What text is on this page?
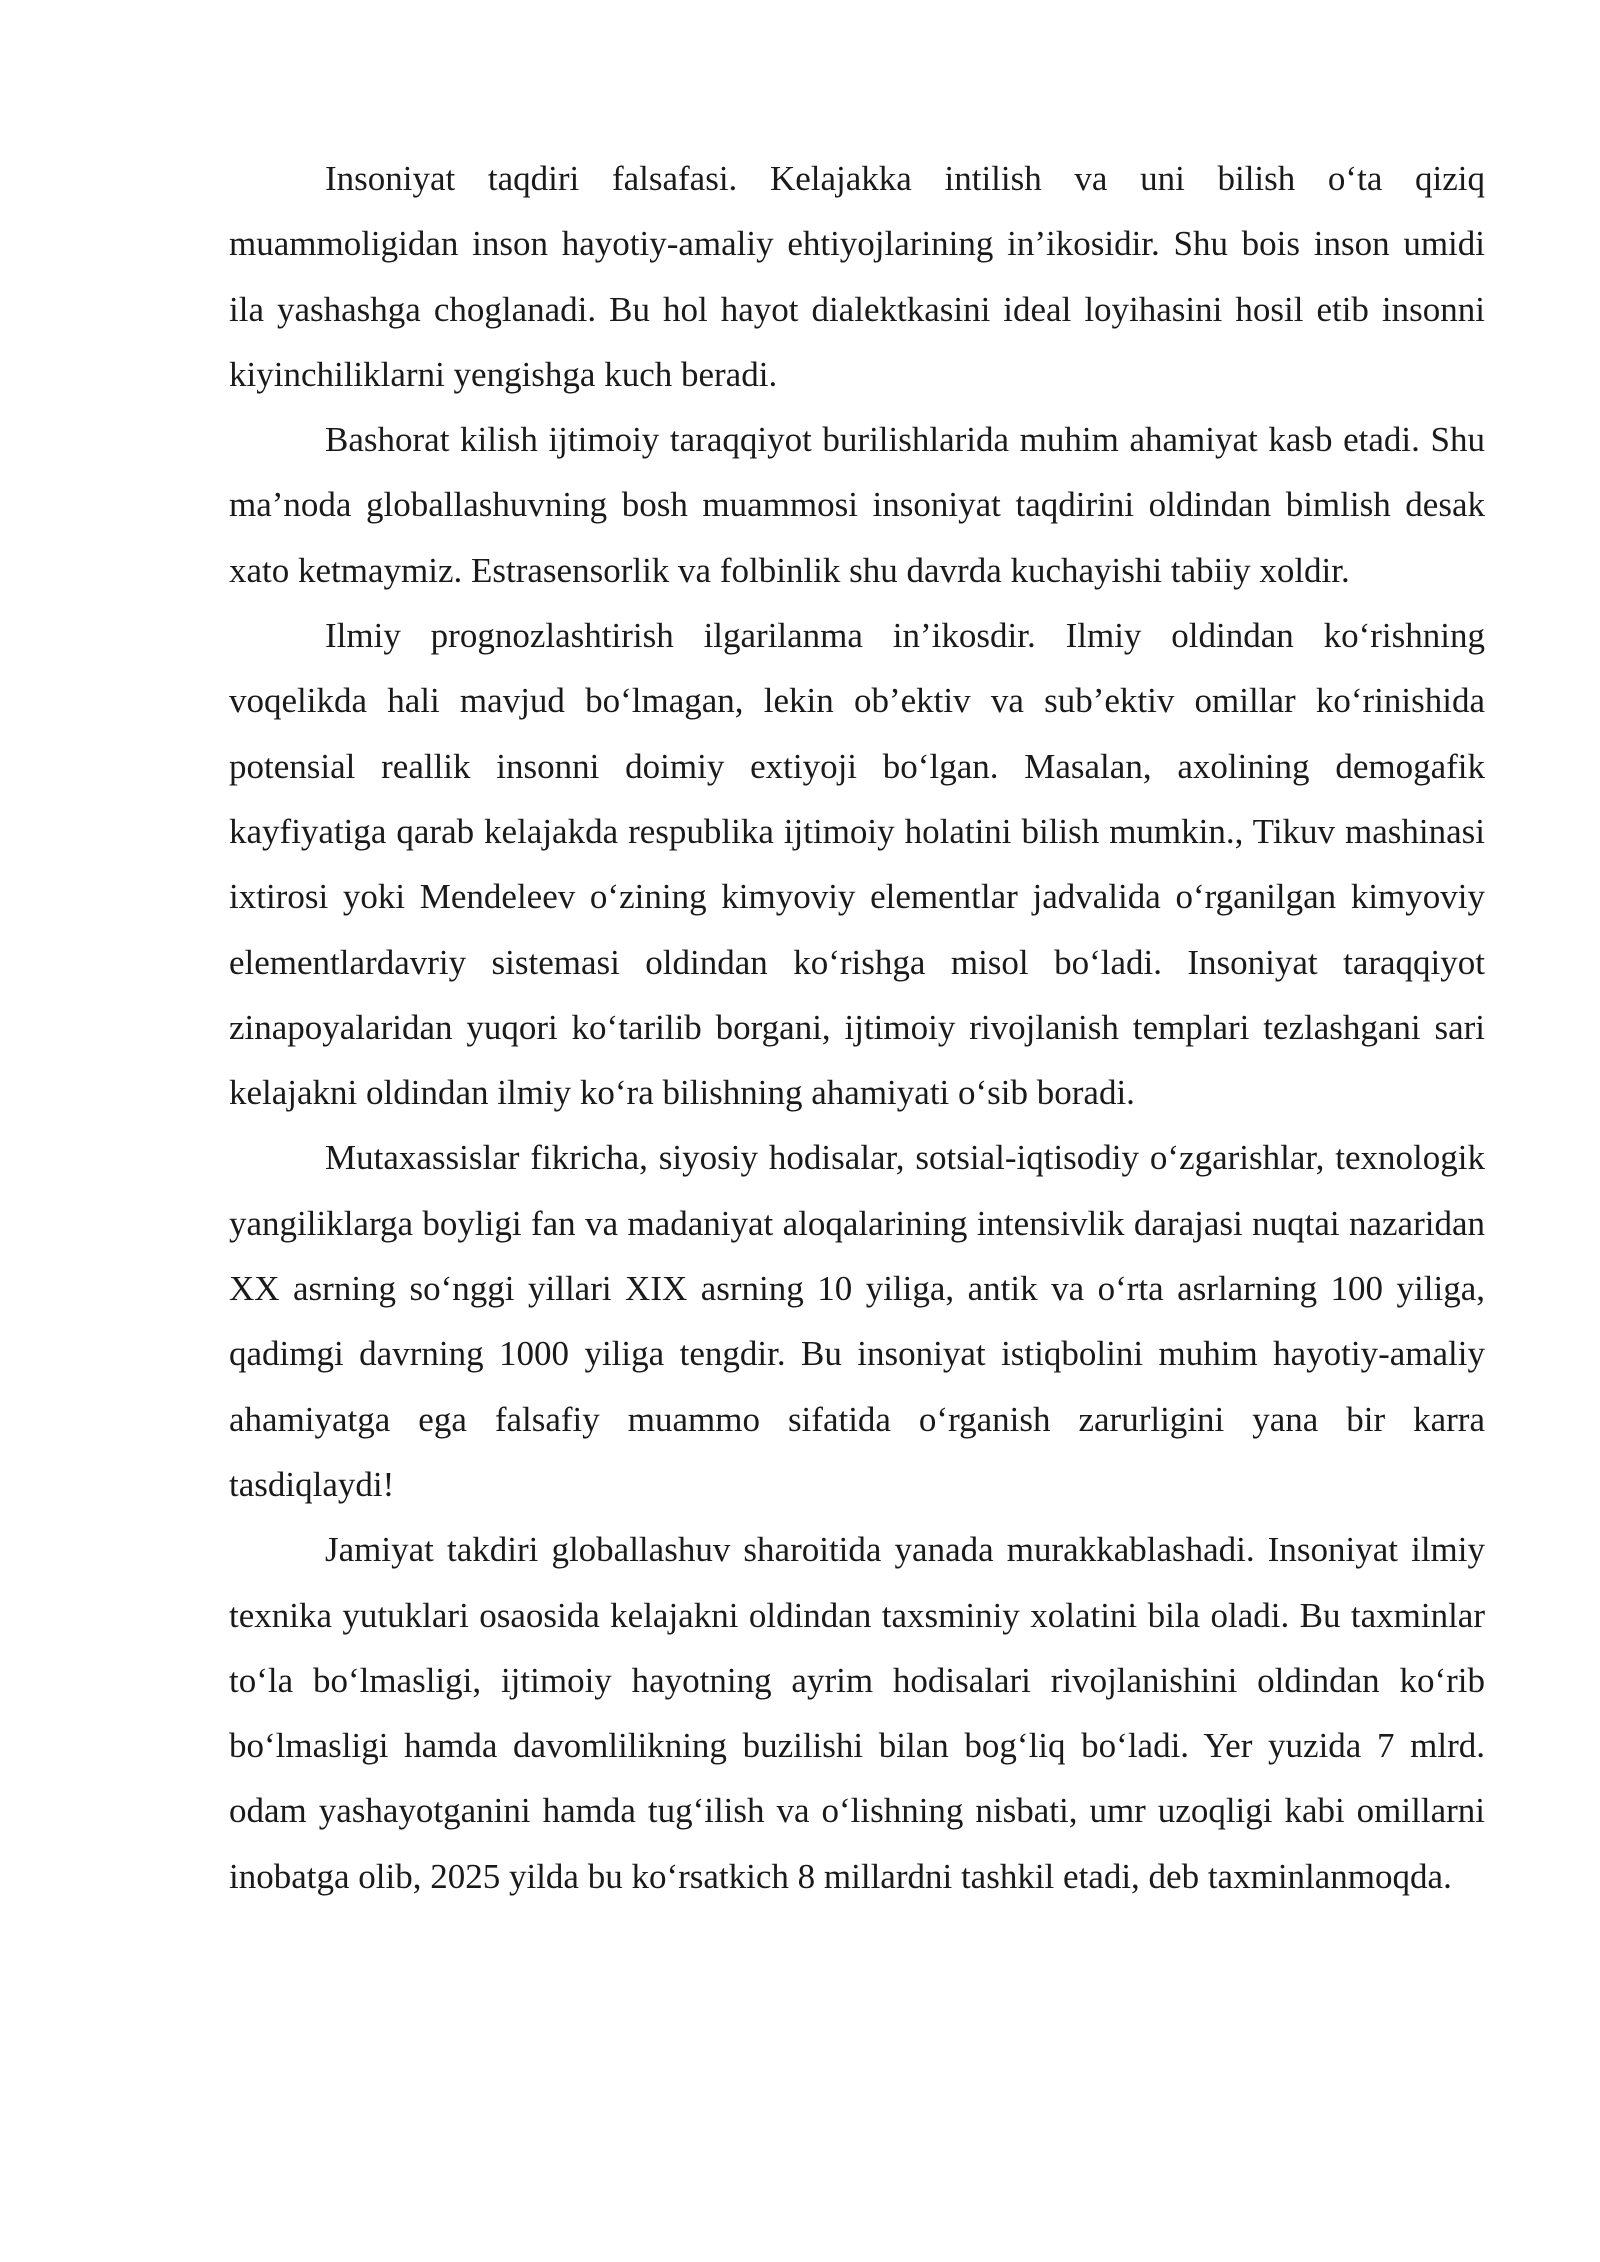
Insoniyat taqdiri falsafasi. Kelajakka intilish va uni bilish o‘ta qiziq muammoligidan inson hayotiy-amaliy ehtiyojlarining in’ikosidir. Shu bois inson umidi ila yashashga choglanadi. Bu hol hayot dialektkasini ideal loyihasini hosil etib insonni kiyinchiliklarni yengishga kuch beradi.

Bashorat kilish ijtimoiy taraqqiyot burilishlarida muhim ahamiyat kasb etadi. Shu ma’noda globallashuvning bosh muammosi insoniyat taqdirini oldindan bimlish desak xato ketmaymiz. Estrasensorlik va folbinlik shu davrda kuchayishi tabiiy xoldir.

Ilmiy prognozlashtirish ilgarilanma in’ikosdir. Ilmiy oldindan ko‘rishning voqelikda hali mavjud bo‘lmagan, lekin ob’ektiv va sub’ektiv omillar ko‘rinishida potensial reallik insonni doimiy extiyoji bo‘lgan. Masalan, axolining demogafik kayfiyatiga qarab kelajakda respublika ijtimoiy holatini bilish mumkin., Tikuv mashinasi ixtirosi yoki Mendeleev o‘zining kimyoviy elementlar jadvalida o‘rganilgan kimyoviy elementlardavriy sistemasi oldindan ko‘rishga misol bo‘ladi. Insoniyat taraqqiyot zinapoyalaridan yuqori ko‘tarilib borgani, ijtimoiy rivojlanish templari tezlashgani sari kelajakni oldindan ilmiy ko‘ra bilishning ahamiyati o‘sib boradi.

Mutaxassislar fikricha, siyosiy hodisalar, sotsial-iqtisodiy o‘zgarishlar, texnologik yangiliklarga boyligi fan va madaniyat aloqalarining intensivlik darajasi nuqtai nazaridan XX asrning so‘nggi yillari XIX asrning 10 yiliga, antik va o‘rta asrlarning 100 yiliga, qadimgi davrning 1000 yiliga tengdir. Bu insoniyat istiqbolini muhim hayotiy-amaliy ahamiyatga ega falsafiy muammo sifatida o‘rganish zarurligini yana bir karra tasdiqlaydi!

Jamiyat takdiri globallashuv sharoitida yanada murakkablashadi. Insoniyat ilmiy texnika yutuklari osaosida kelajakni oldindan taxsminiy xolatini bila oladi. Bu taxminlar to‘la bo‘lmasligi, ijtimoiy hayotning ayrim hodisalari rivojlanishini oldindan ko‘rib bo‘lmasligi hamda davomlilikning buzilishi bilan bog‘liq bo‘ladi. Yer yuzida 7 mlrd. odam yashayotganini hamda tug‘ilish va o‘lishning nisbati, umr uzoqligi kabi omillarni inobatga olib, 2025 yilda bu ko‘rsatkich 8 millardni tashkil etadi, deb taxminlanmoqda.
